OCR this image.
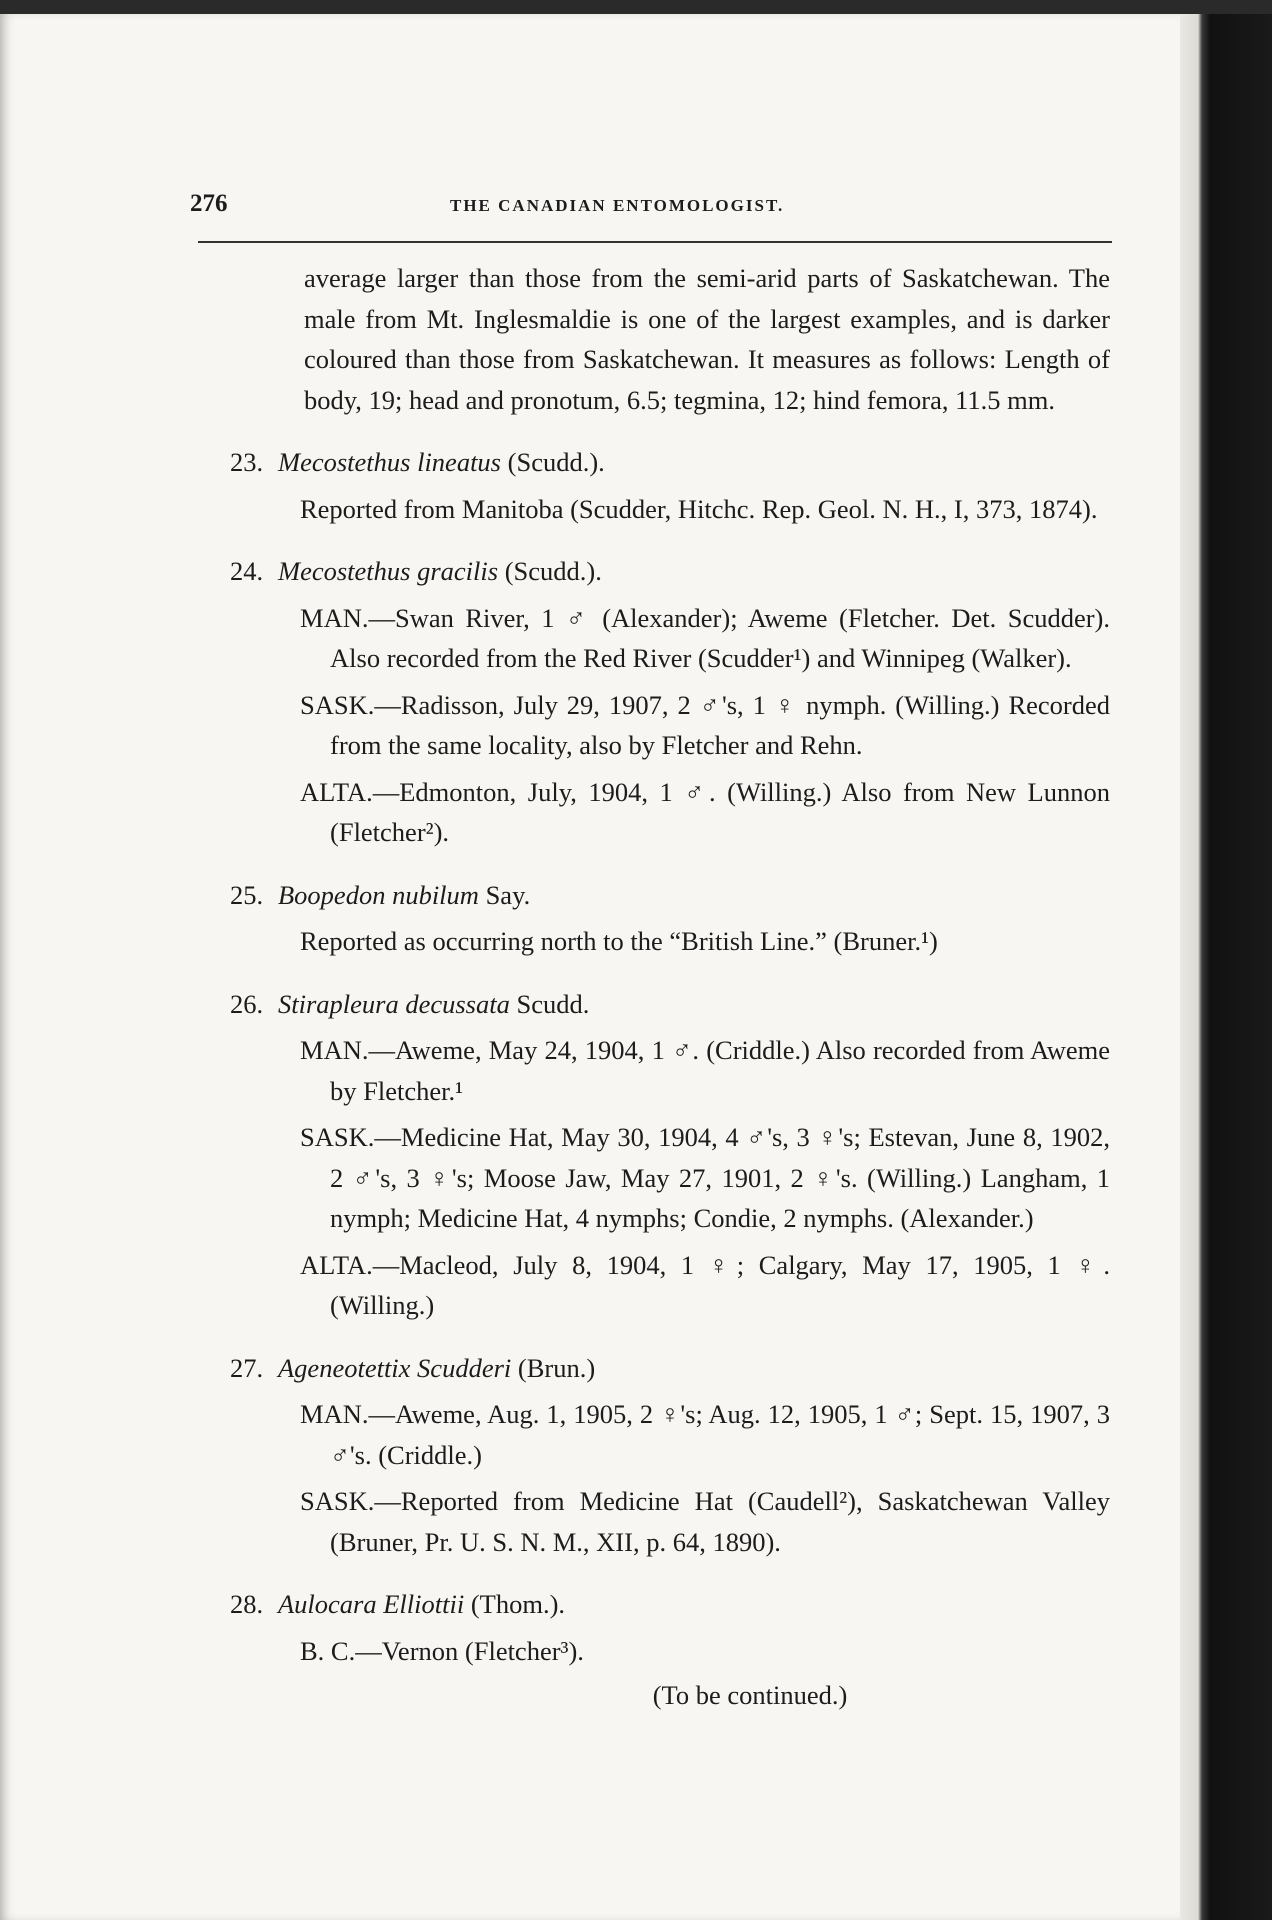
276	THE CANADIAN ENTOMOLOGIST.

average larger than those from the semi-arid parts of Saskatchewan. The male from Mt. Inglesmaldie is one of the largest examples, and is darker coloured than those from Saskatchewan. It measures as follows: Length of body, 19; head and pronotum, 6.5; tegmina, 12; hind femora, 11.5 mm.

23. Mecostethus lineatus (Scudd.).
Reported from Manitoba (Scudder, Hitchc. Rep. Geol. N. H., I, 373, 1874).
24. Mecostethus gracilis (Scudd.).
MAN.—Swan River, 1 ♂ (Alexander); Aweme (Fletcher. Det. Scudder). Also recorded from the Red River (Scudder¹) and Winnipeg (Walker).
SASK.—Radisson, July 29, 1907, 2 ♂'s, 1 ♀ nymph. (Willing.) Recorded from the same locality, also by Fletcher and Rehn.
ALTA.—Edmonton, July, 1904, 1 ♂. (Willing.) Also from New Lunnon (Fletcher²).
25. Boopedon nubilum Say.
Reported as occurring north to the “British Line.” (Bruner.¹)
26. Stirapleura decussata Scudd.
MAN.—Aweme, May 24, 1904, 1 ♂. (Criddle.) Also recorded from Aweme by Fletcher.¹
SASK.—Medicine Hat, May 30, 1904, 4 ♂'s, 3 ♀'s; Estevan, June 8, 1902, 2 ♂'s, 3 ♀'s; Moose Jaw, May 27, 1901, 2 ♀'s. (Willing.) Langham, 1 nymph; Medicine Hat, 4 nymphs; Condie, 2 nymphs. (Alexander.)
ALTA.—Macleod, July 8, 1904, 1 ♀; Calgary, May 17, 1905, 1 ♀. (Willing.)
27. Ageneotettix Scudderi (Brun.)
MAN.—Aweme, Aug. 1, 1905, 2 ♀'s; Aug. 12, 1905, 1 ♂; Sept. 15, 1907, 3 ♂'s. (Criddle.)
SASK.—Reported from Medicine Hat (Caudell²), Saskatchewan Valley (Bruner, Pr. U. S. N. M., XII, p. 64, 1890).
28. Aulocara Elliottii (Thom.).
B. C.—Vernon (Fletcher³).
(To be continued.)
